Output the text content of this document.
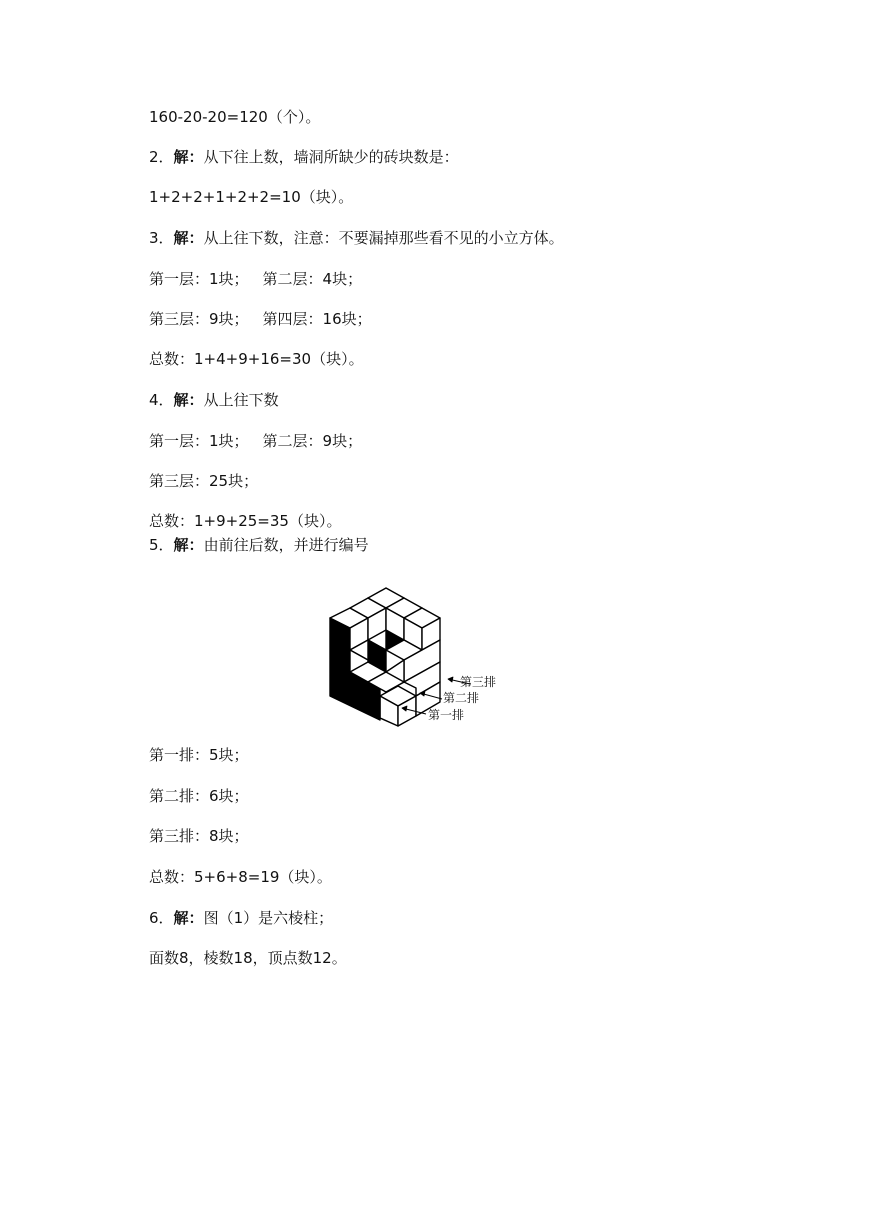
160-20-20=120（个）。
2．解：从下往上数，墙洞所缺少的砖块数是：
1+2+2+1+2+2=10（块）。
3．解：从上往下数，注意：不要漏掉那些看不见的小立方体。
第一层：1块； 第二层：4块；
第三层：9块； 第四层：16块；
总数：1+4+9+16=30（块）。
4．解：从上往下数
第一层：1块； 第二层：9块；
第三层：25块；
总数：1+9+25=35（块）。
5．解：由前往后数，并进行编号
第三排
第二排
第一排
第一排：5块；
第二排：6块；
第三排：8块；
总数：5+6+8=19（块）。
6．解：图（1）是六棱柱；
面数8，棱数18，顶点数12。
